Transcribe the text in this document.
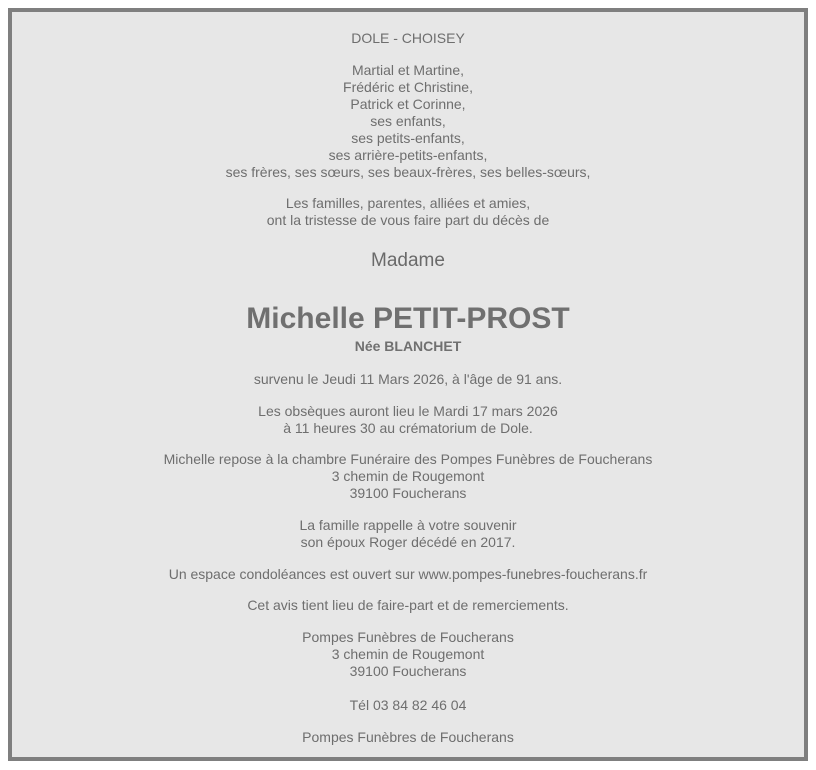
DOLE - CHOISEY
Martial et Martine,
Frédéric et Christine,
Patrick et Corinne,
ses enfants,
ses petits-enfants,
ses arrière-petits-enfants,
ses frères, ses sœurs, ses beaux-frères, ses belles-sœurs,
Les familles, parentes, alliées et amies,
ont la tristesse de vous faire part du décès de
Madame
Michelle PETIT-PROST
Née BLANCHET
survenu le Jeudi 11 Mars 2026, à l'âge de 91 ans.
Les obsèques auront lieu le Mardi 17 mars 2026
à 11 heures 30 au crématorium de Dole.
Michelle repose à la chambre Funéraire des Pompes Funèbres de Foucherans
3 chemin de Rougemont
39100 Foucherans
La famille rappelle à votre souvenir
son époux Roger décédé en 2017.
Un espace condoléances est ouvert sur www.pompes-funebres-foucherans.fr
Cet avis tient lieu de faire-part et de remerciements.
Pompes Funèbres de Foucherans
3 chemin de Rougemont
39100 Foucherans
Tél 03 84 82 46 04
Pompes Funèbres de Foucherans
